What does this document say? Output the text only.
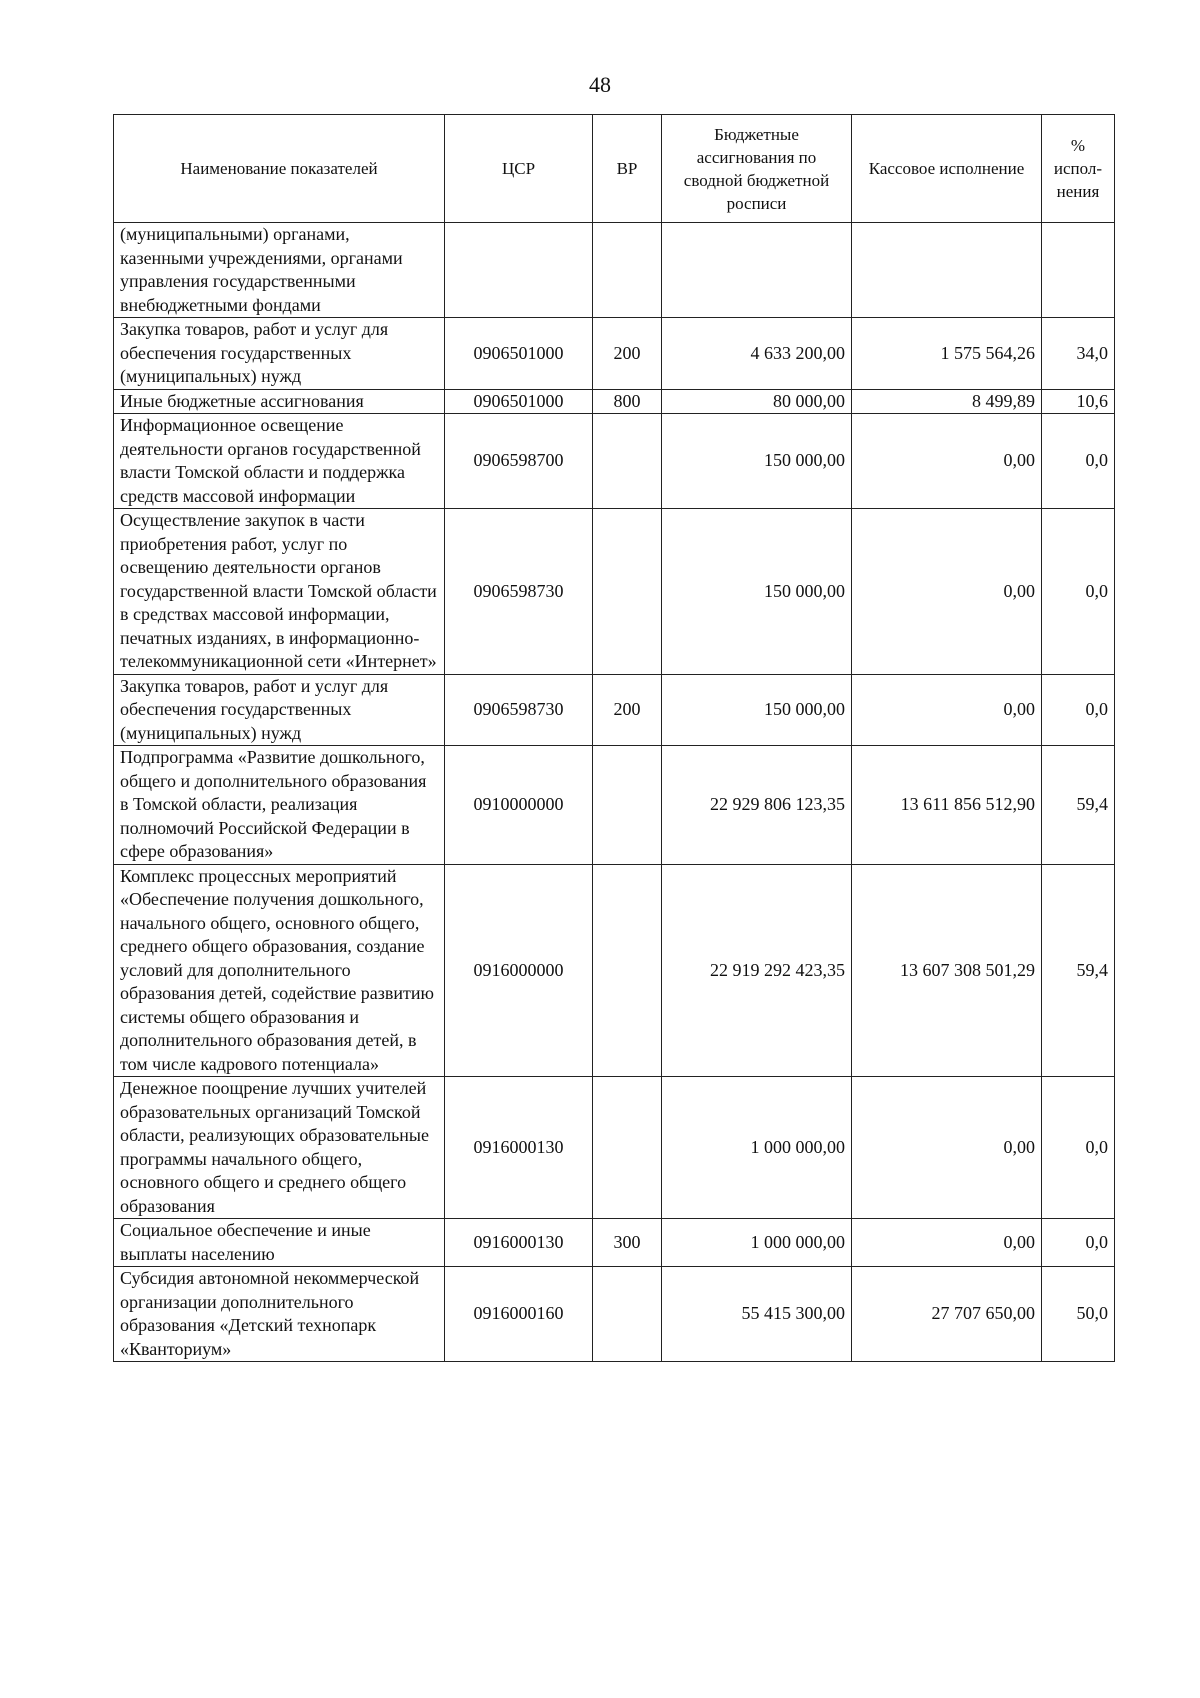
48
Наименование показателей	ЦСР	ВР	Бюджетные ассигнования по сводной бюджетной росписи	Кассовое исполнение	% испол-нения
(муниципальными) органами, казенными учреждениями, органами управления государственными внебюджетными фондами					
Закупка товаров, работ и услуг для обеспечения государственных (муниципальных) нужд	0906501000	200	4 633 200,00	1 575 564,26	34,0
Иные бюджетные ассигнования	0906501000	800	80 000,00	8 499,89	10,6
Информационное освещение деятельности органов государственной власти Томской области и поддержка средств массовой информации	0906598700		150 000,00	0,00	0,0
Осуществление закупок в части приобретения работ, услуг по освещению деятельности органов государственной власти Томской области в средствах массовой информации, печатных изданиях, в информационно-телекоммуникационной сети «Интернет»	0906598730		150 000,00	0,00	0,0
Закупка товаров, работ и услуг для обеспечения государственных (муниципальных) нужд	0906598730	200	150 000,00	0,00	0,0
Подпрограмма «Развитие дошкольного, общего и дополнительного образования в Томской области, реализация полномочий Российской Федерации в сфере образования»	0910000000		22 929 806 123,35	13 611 856 512,90	59,4
Комплекс процессных мероприятий «Обеспечение получения дошкольного, начального общего, основного общего, среднего общего образования, создание условий для дополнительного образования детей, содействие развитию системы общего образования и дополнительного образования детей, в том числе кадрового потенциала»	0916000000		22 919 292 423,35	13 607 308 501,29	59,4
Денежное поощрение лучших учителей образовательных организаций Томской области, реализующих образовательные программы начального общего, основного общего и среднего общего образования	0916000130		1 000 000,00	0,00	0,0
Социальное обеспечение и иные выплаты населению	0916000130	300	1 000 000,00	0,00	0,0
Субсидия автономной некоммерческой организации дополнительного образования «Детский технопарк «Кванториум»	0916000160		55 415 300,00	27 707 650,00	50,0
